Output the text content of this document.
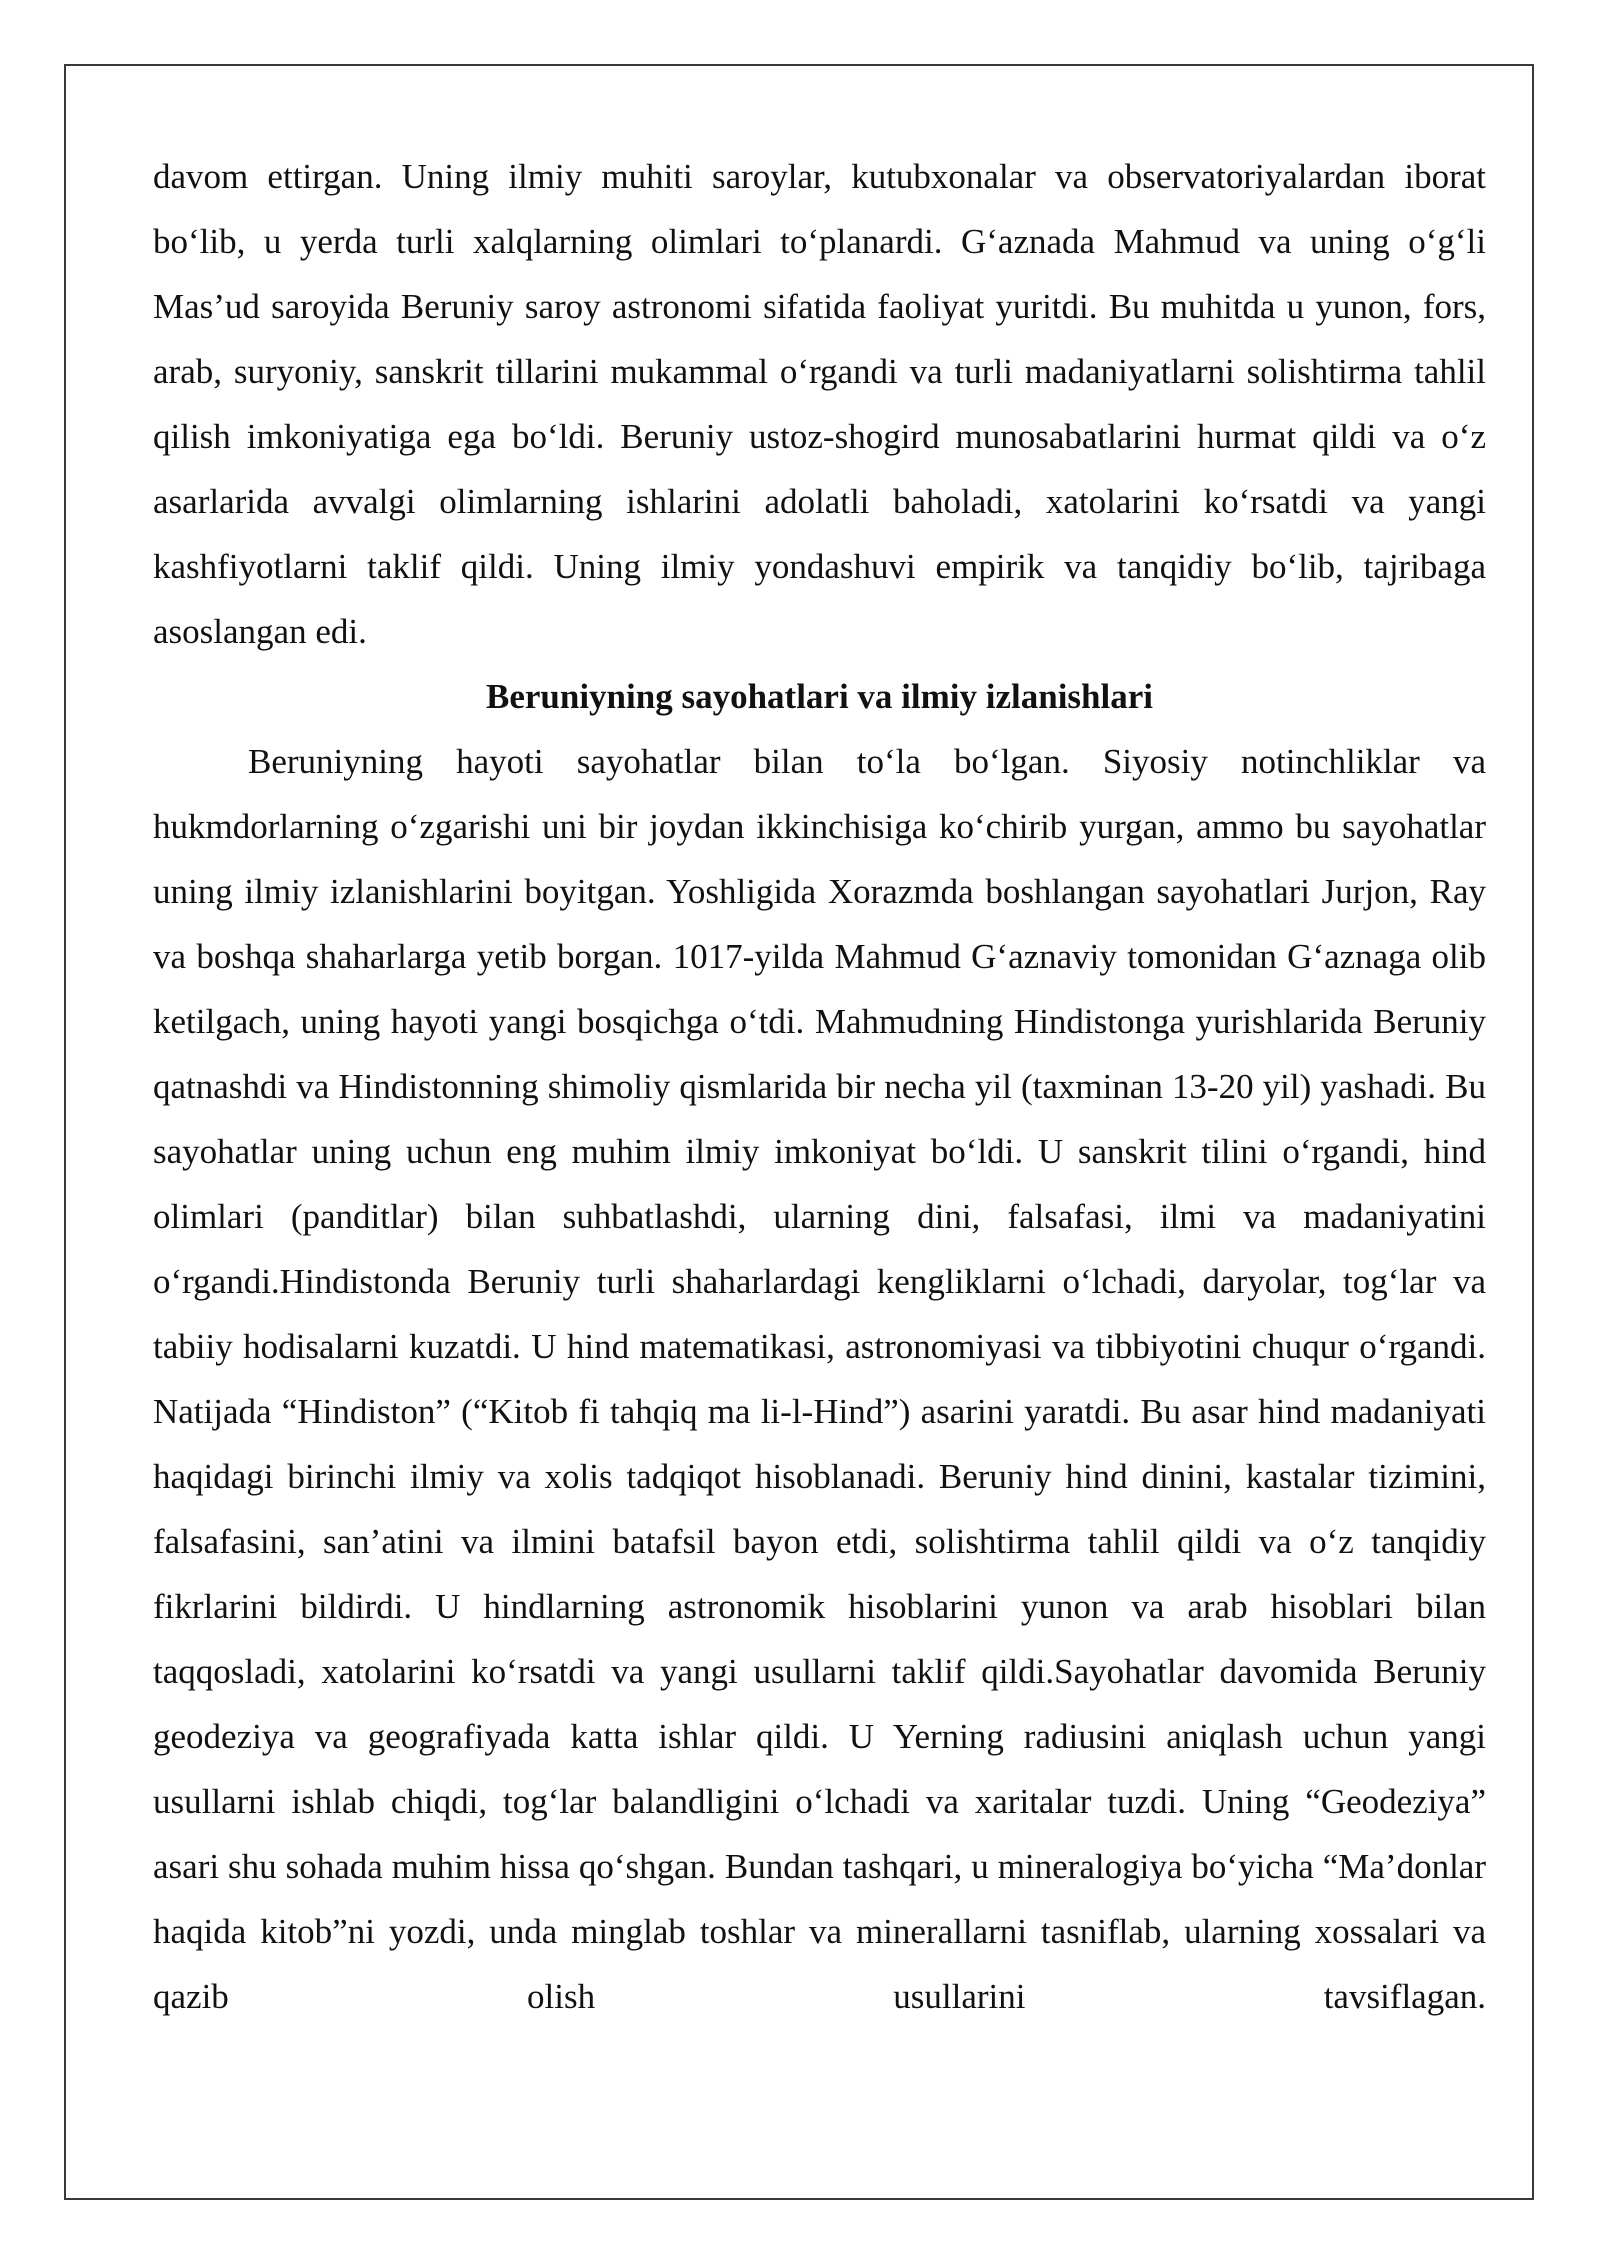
davom ettirgan. Uning ilmiy muhiti saroylar, kutubxonalar va observatoriyalardan iborat bo‘lib, u yerda turli xalqlarning olimlari to‘planardi. G‘aznada Mahmud va uning o‘g‘li Mas’ud saroyida Beruniy saroy astronomi sifatida faoliyat yuritdi. Bu muhitda u yunon, fors, arab, suryoniy, sanskrit tillarini mukammal o‘rgandi va turli madaniyatlarni solishtirma tahlil qilish imkoniyatiga ega bo‘ldi. Beruniy ustoz-shogird munosabatlarini hurmat qildi va o‘z asarlarida avvalgi olimlarning ishlarini adolatli baholadi, xatolarini ko‘rsatdi va yangi kashfiyotlarni taklif qildi. Uning ilmiy yondashuvi empirik va tanqidiy bo‘lib, tajribaga asoslangan edi.

Beruniyning sayohatlari va ilmiy izlanishlari

Beruniyning hayoti sayohatlar bilan to‘la bo‘lgan. Siyosiy notinchliklar va hukmdorlarning o‘zgarishi uni bir joydan ikkinchisiga ko‘chirib yurgan, ammo bu sayohatlar uning ilmiy izlanishlarini boyitgan. Yoshligida Xorazmda boshlangan sayohatlari Jurjon, Ray va boshqa shaharlarga yetib borgan. 1017-yilda Mahmud G‘aznaviy tomonidan G‘aznaga olib ketilgach, uning hayoti yangi bosqichga o‘tdi. Mahmudning Hindistonga yurishlarida Beruniy qatnashdi va Hindistonning shimoliy qismlarida bir necha yil (taxminan 13-20 yil) yashadi. Bu sayohatlar uning uchun eng muhim ilmiy imkoniyat bo‘ldi. U sanskrit tilini o‘rgandi, hind olimlari (panditlar) bilan suhbatlashdi, ularning dini, falsafasi, ilmi va madaniyatini o‘rgandi.Hindistonda Beruniy turli shaharlardagi kengliklarni o‘lchadi, daryolar, tog‘lar va tabiiy hodisalarni kuzatdi. U hind matematikasi, astronomiyasi va tibbiyotini chuqur o‘rgandi. Natijada “Hindiston” (“Kitob fi tahqiq ma li-l-Hind”) asarini yaratdi. Bu asar hind madaniyati haqidagi birinchi ilmiy va xolis tadqiqot hisoblanadi. Beruniy hind dinini, kastalar tizimini, falsafasini, san’atini va ilmini batafsil bayon etdi, solishtirma tahlil qildi va o‘z tanqidiy fikrlarini bildirdi. U hindlarning astronomik hisoblarini yunon va arab hisoblari bilan taqqosladi, xatolarini ko‘rsatdi va yangi usullarni taklif qildi.Sayohatlar davomida Beruniy geodeziya va geografiyada katta ishlar qildi. U Yerning radiusini aniqlash uchun yangi usullarni ishlab chiqdi, tog‘lar balandligini o‘lchadi va xaritalar tuzdi. Uning “Geodeziya” asari shu sohada muhim hissa qo‘shgan. Bundan tashqari, u mineralogiya bo‘yicha “Ma’donlar haqida kitob”ni yozdi, unda minglab toshlar va minerallarni tasniflab, ularning xossalari va qazib olish usullarini tavsiflagan.
